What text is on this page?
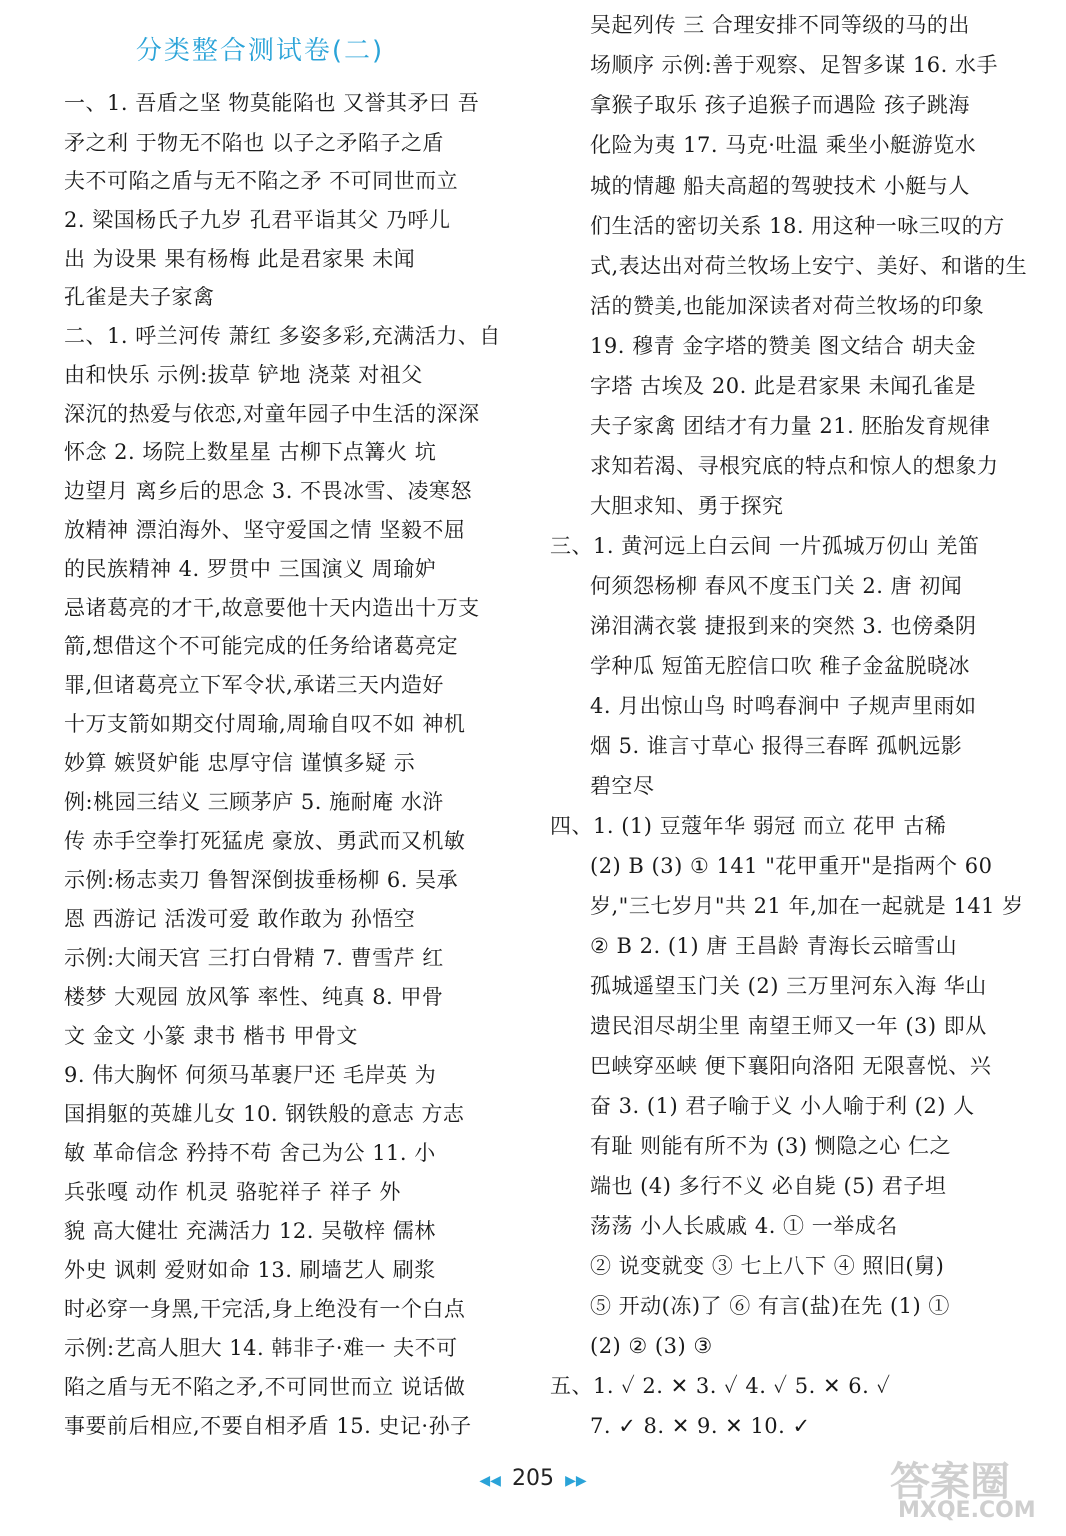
分类整合测试卷(二)
一、1. 吾盾之坚 物莫能陷也 又誉其矛曰 吾
矛之利 于物无不陷也 以子之矛陷子之盾
夫不可陷之盾与无不陷之矛 不可同世而立
2. 梁国杨氏子九岁 孔君平诣其父 乃呼儿
出 为设果 果有杨梅 此是君家果 未闻
孔雀是夫子家禽
二、1. 呼兰河传 萧红 多姿多彩,充满活力、自
由和快乐 示例:拔草 铲地 浇菜 对祖父
深沉的热爱与依恋,对童年园子中生活的深深
怀念 2. 场院上数星星 古柳下点篝火 坑
边望月 离乡后的思念 3. 不畏冰雪、凌寒怒
放精神 漂泊海外、坚守爱国之情 坚毅不屈
的民族精神 4. 罗贯中 三国演义 周瑜妒
忌诸葛亮的才干,故意要他十天内造出十万支
箭,想借这个不可能完成的任务给诸葛亮定
罪,但诸葛亮立下军令状,承诺三天内造好
十万支箭如期交付周瑜,周瑜自叹不如 神机
妙算 嫉贤妒能 忠厚守信 谨慎多疑 示
例:桃园三结义 三顾茅庐 5. 施耐庵 水浒
传 赤手空拳打死猛虎 豪放、勇武而又机敏
示例:杨志卖刀 鲁智深倒拔垂杨柳 6. 吴承
恩 西游记 活泼可爱 敢作敢为 孙悟空
示例:大闹天宫 三打白骨精 7. 曹雪芹 红
楼梦 大观园 放风筝 率性、纯真 8. 甲骨
文 金文 小篆 隶书 楷书 甲骨文
9. 伟大胸怀 何须马革裹尸还 毛岸英 为
国捐躯的英雄儿女 10. 钢铁般的意志 方志
敏 革命信念 矜持不苟 舍己为公 11. 小
兵张嘎 动作 机灵 骆驼祥子 祥子 外
貌 高大健壮 充满活力 12. 吴敬梓 儒林
外史 讽刺 爱财如命 13. 刷墙艺人 刷浆
时必穿一身黑,干完活,身上绝没有一个白点
示例:艺高人胆大 14. 韩非子·难一 夫不可
陷之盾与无不陷之矛,不可同世而立 说话做
事要前后相应,不要自相矛盾 15. 史记·孙子
吴起列传 三 合理安排不同等级的马的出
场顺序 示例:善于观察、足智多谋 16. 水手
拿猴子取乐 孩子追猴子而遇险 孩子跳海
化险为夷 17. 马克·吐温 乘坐小艇游览水
城的情趣 船夫高超的驾驶技术 小艇与人
们生活的密切关系 18. 用这种一咏三叹的方
式,表达出对荷兰牧场上安宁、美好、和谐的生
活的赞美,也能加深读者对荷兰牧场的印象
19. 穆青 金字塔的赞美 图文结合 胡夫金
字塔 古埃及 20. 此是君家果 未闻孔雀是
夫子家禽 团结才有力量 21. 胚胎发育规律
求知若渴、寻根究底的特点和惊人的想象力
大胆求知、勇于探究
三、1. 黄河远上白云间 一片孤城万仞山 羌笛
何须怨杨柳 春风不度玉门关 2. 唐 初闻
涕泪满衣裳 捷报到来的突然 3. 也傍桑阴
学种瓜 短笛无腔信口吹 稚子金盆脱晓冰
4. 月出惊山鸟 时鸣春涧中 子规声里雨如
烟 5. 谁言寸草心 报得三春晖 孤帆远影
碧空尽
四、1. (1) 豆蔻年华 弱冠 而立 花甲 古稀
(2) B (3) ① 141 "花甲重开"是指两个 60
岁,"三七岁月"共 21 年,加在一起就是 141 岁
② B 2. (1) 唐 王昌龄 青海长云暗雪山
孤城遥望玉门关 (2) 三万里河东入海 华山
遗民泪尽胡尘里 南望王师又一年 (3) 即从
巴峡穿巫峡 便下襄阳向洛阳 无限喜悦、兴
奋 3. (1) 君子喻于义 小人喻于利 (2) 人
有耻 则能有所不为 (3) 恻隐之心 仁之
端也 (4) 多行不义 必自毙 (5) 君子坦
荡荡 小人长戚戚 4. ① 一举成名
② 说变就变 ③ 七上八下 ④ 照旧(舅)
⑤ 开动(冻)了 ⑥ 有言(盐)在先 (1) ①
(2) ② (3) ③
五、1. ✓ 2. ✕ 3. ✓ 4. ✓ 5. ✕ 6. ✓
7. ✓ 8. ✕ 9. ✕ 10. ✓
◀◀ 205 ▶▶	答案圈
MXQE.COM
